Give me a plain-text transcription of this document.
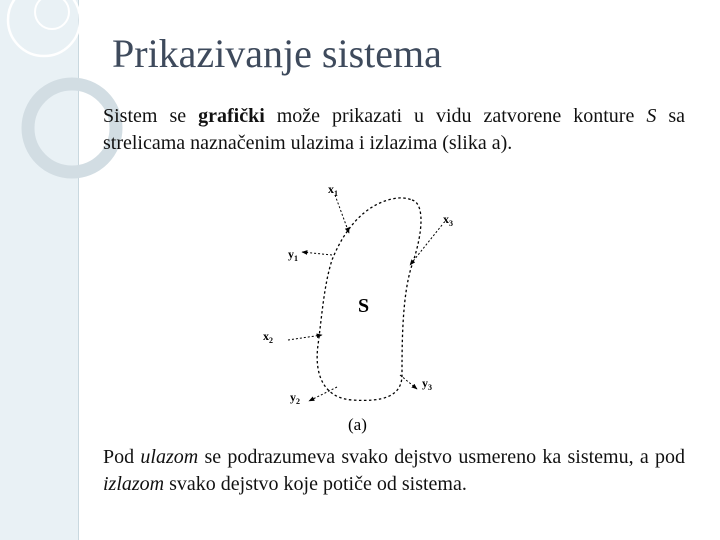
Prikazivanje sistema
Sistem se grafički može prikazati u vidu zatvorene konture S sa strelicama naznačenim ulazima i izlazima (slika a).
$x_1$
$x_3$
$y_1$
S
$x_2$
$y_3$
$y_2$
(a)
Pod ulazom se podrazumeva svako dejstvo usmereno ka sistemu, a pod izlazom svako dejstvo koje potiče od sistema.
